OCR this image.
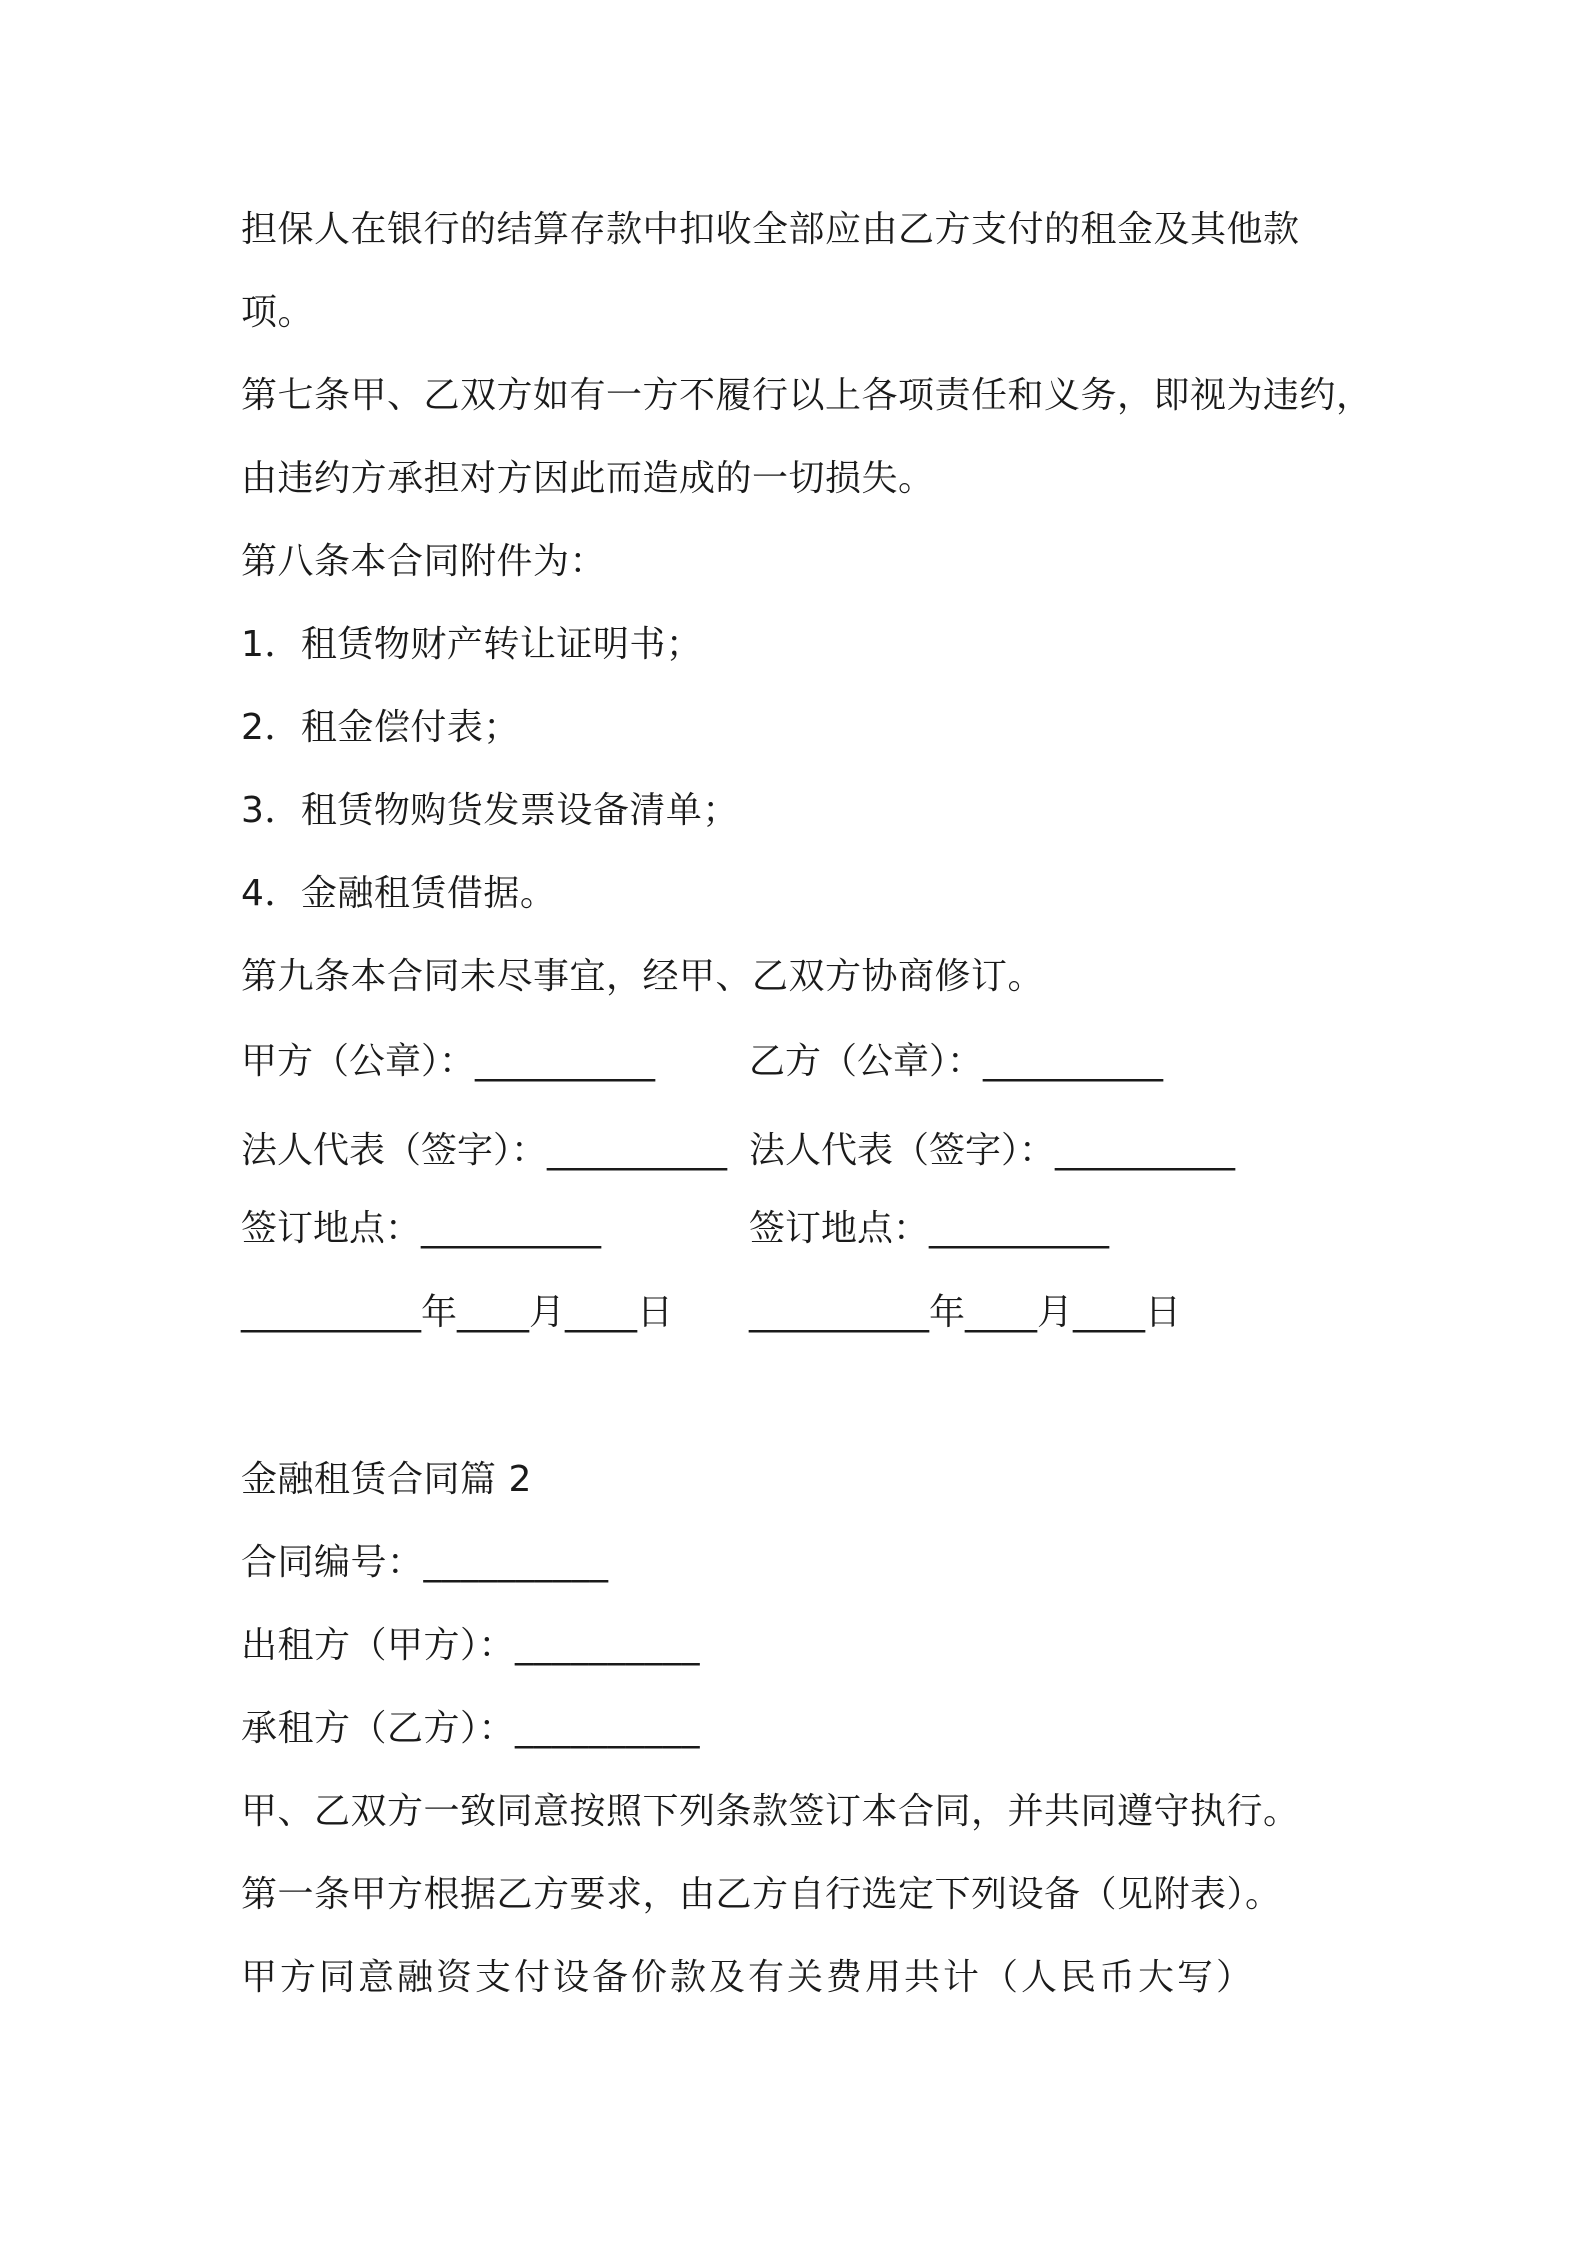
担保人在银行的结算存款中扣收全部应由乙方支付的租金及其他款
项。
第七条甲、乙双方如有一方不履行以上各项责任和义务，即视为违约，
由违约方承担对方因此而造成的一切损失。
第八条本合同附件为：
1．租赁物财产转让证明书；
2．租金偿付表；
3．租赁物购货发票设备清单；
4．金融租赁借据。
第九条本合同未尽事宜，经甲、乙双方协商修订。
甲方（公章）：__________	乙方（公章）：__________
法人代表（签字）：__________ 法人代表（签字）：__________
签订地点：__________	签订地点：__________
__________年____月____日 __________年____月____日
金融租赁合同篇 2
合同编号：__________
出租方（甲方）：__________
承租方（乙方）：__________
甲、乙双方一致同意按照下列条款签订本合同，并共同遵守执行。
第一条甲方根据乙方要求，由乙方自行选定下列设备（见附表）。
甲方同意融资支付设备价款及有关费用共计（人民币大写）
